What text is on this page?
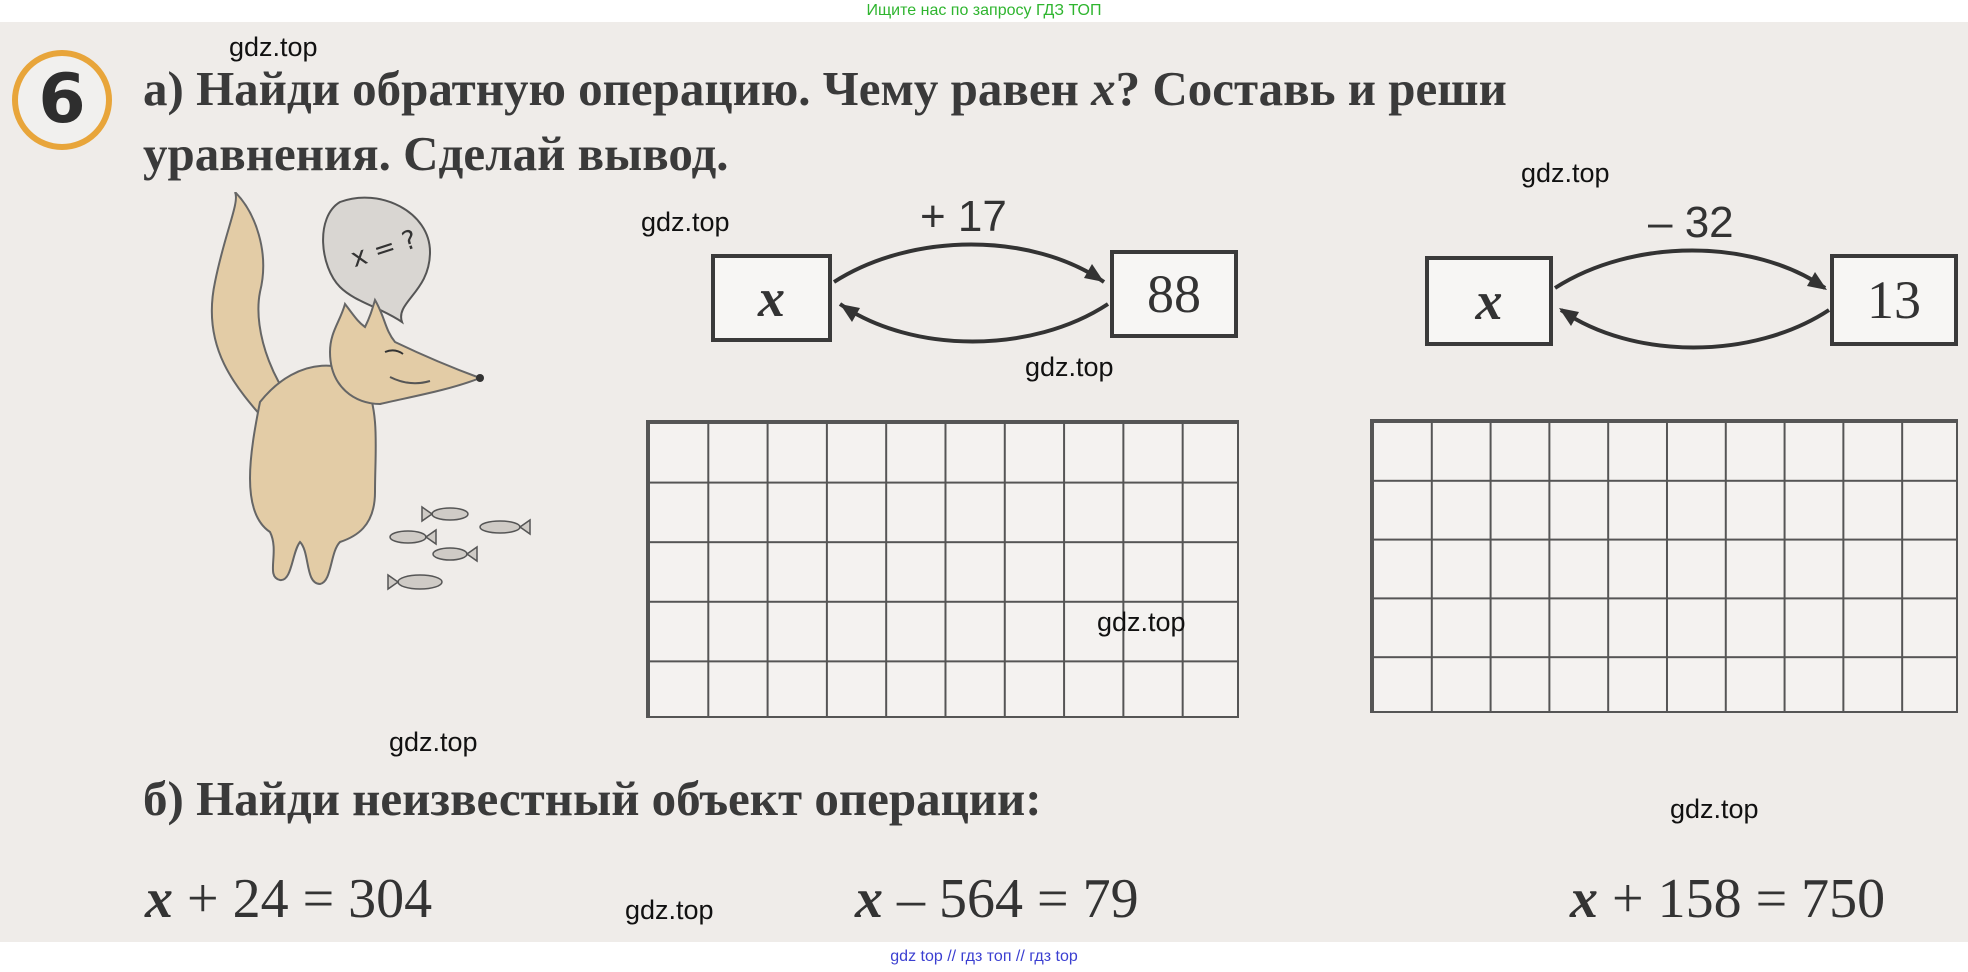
Ищите нас по запросу ГДЗ ТОП
6	а) Найди обратную операцию. Чему равен x? Составь и реши
уравнения. Сделай вывод.
x = ?
x	88
+ 17
x	13
– 32
б) Найди неизвестный объект операции:
x + 24 = 304	x – 564 = 79	x + 158 = 750
gdz.top
gdz.top
gdz.top
gdz.top
gdz.top
gdz.top
gdz.top
gdz.top
gdz top // гдз топ // гдз top
